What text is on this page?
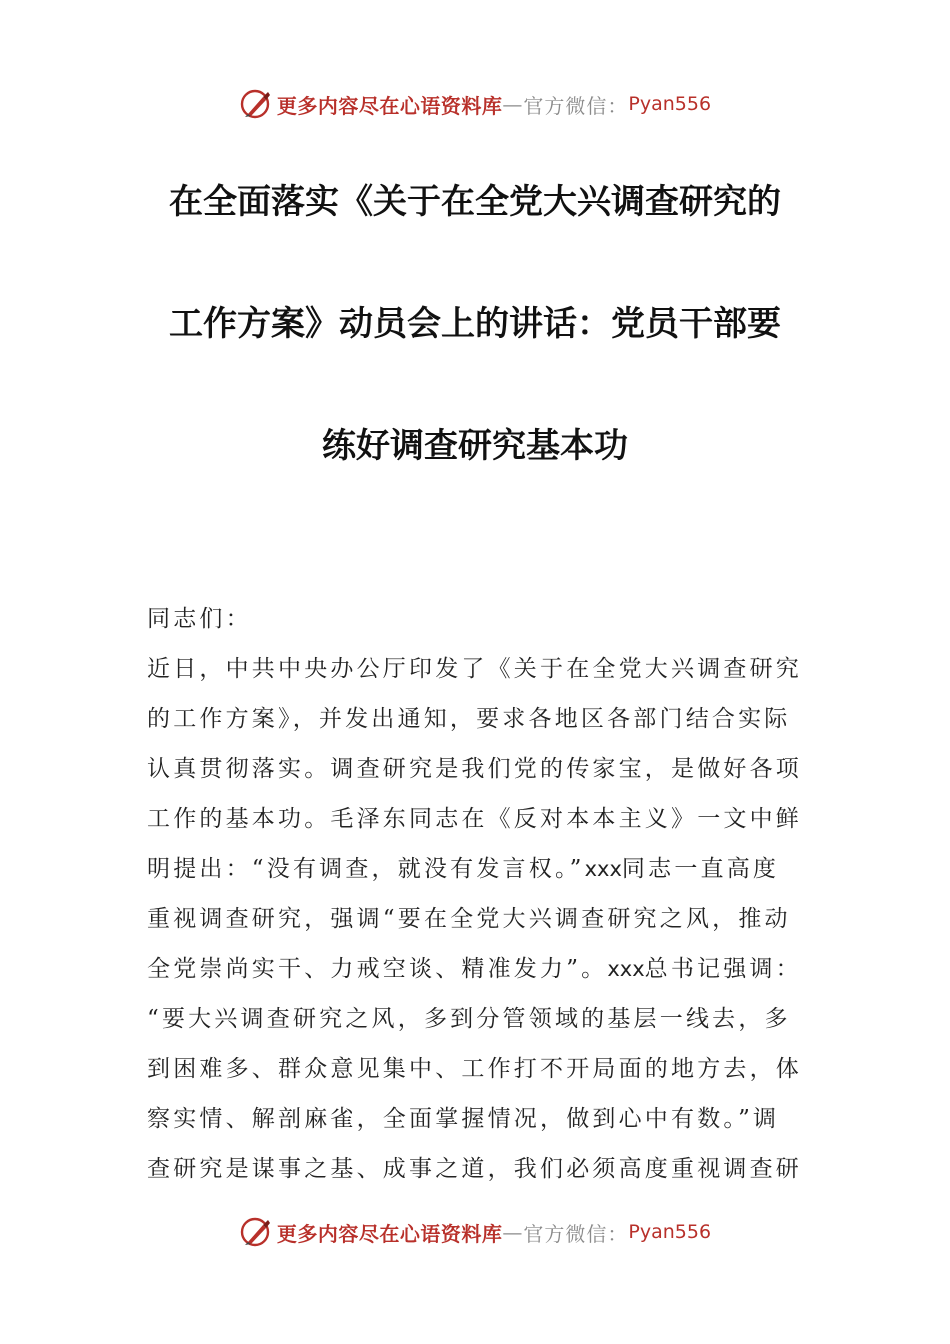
更多内容尽在心语资料库 — 官方微信： Pyan556
在全面落实《关于在全党大兴调查研究的
工作方案》动员会上的讲话：党员干部要
练好调查研究基本功
同志们：
近日，中共中央办公厅印发了《关于在全党大兴调查研究
的工作方案》，并发出通知，要求各地区各部门结合实际
认真贯彻落实。调查研究是我们党的传家宝，是做好各项
工作的基本功。毛泽东同志在《反对本本主义》一文中鲜
明提出：“没有调查，就没有发言权。”xxx同志一直高度
重视调查研究，强调“要在全党大兴调查研究之风，推动
全党崇尚实干、力戒空谈、精准发力”。xxx总书记强调：
“要大兴调查研究之风，多到分管领域的基层一线去，多
到困难多、群众意见集中、工作打不开局面的地方去，体
察实情、解剖麻雀，全面掌握情况，做到心中有数。”调
查研究是谋事之基、成事之道，我们必须高度重视调查研
更多内容尽在心语资料库 — 官方微信： Pyan556
